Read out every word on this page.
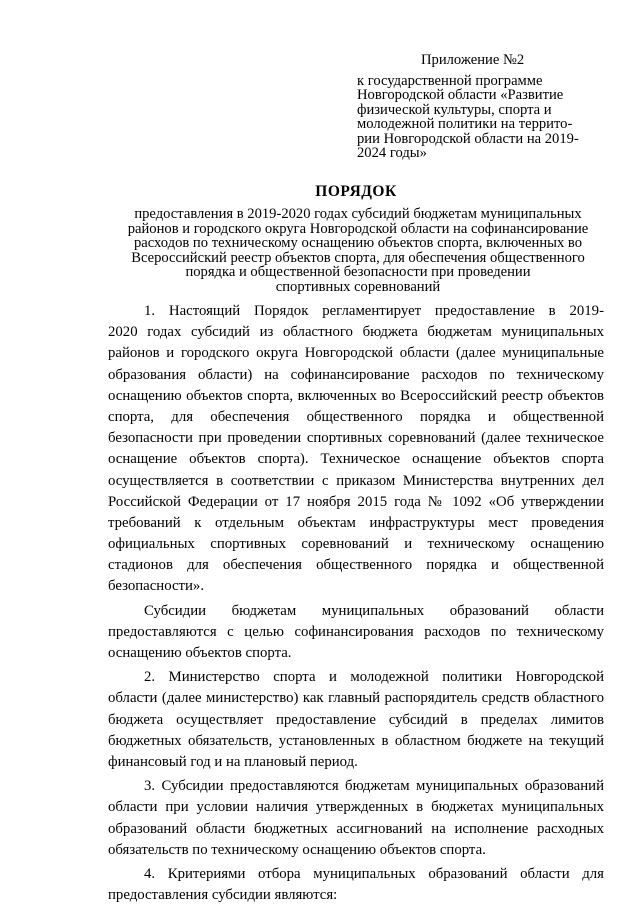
Приложение №2
к государственной программе
Новгородской области «Развитие
физической культуры, спорта и
молодежной политики на террито-
рии Новгородской области на 2019-
2024 годы»
ПОРЯДОК
предоставления в 2019-2020 годах субсидий бюджетам муниципальных
районов и городского округа Новгородской области на софинансирование
расходов по техническому оснащению объектов спорта, включенных во
Всероссийский реестр объектов спорта, для обеспечения общественного
порядка и общественной безопасности при проведении
спортивных соревнований
1. Настоящий Порядок регламентирует предоставление в 2019-
2020 годах субсидий из областного бюджета бюджетам муниципальных
районов и городского округа Новгородской области (далее муниципальные
образования области) на софинансирование расходов по техническому
оснащению объектов спорта, включенных во Всероссийский реестр объектов
спорта, для обеспечения общественного порядка и общественной
безопасности при проведении спортивных соревнований (далее техническое
оснащение объектов спорта). Техническое оснащение объектов спорта
осуществляется в соответствии с приказом Министерства внутренних дел
Российской Федерации от 17 ноября 2015 года № 1092 «Об утверждении
требований к отдельным объектам инфраструктуры мест проведения
официальных спортивных соревнований и техническому оснащению
стадионов для обеспечения общественного порядка и общественной
безопасности».
Субсидии бюджетам муниципальных образований области
предоставляются с целью софинансирования расходов по техническому
оснащению объектов спорта.
2. Министерство спорта и молодежной политики Новгородской
области (далее министерство) как главный распорядитель средств областного
бюджета осуществляет предоставление субсидий в пределах лимитов
бюджетных обязательств, установленных в областном бюджете на текущий
финансовый год и на плановый период.
3. Субсидии предоставляются бюджетам муниципальных образований
области при условии наличия утвержденных в бюджетах муниципальных
образований области бюджетных ассигнований на исполнение расходных
обязательств по техническому оснащению объектов спорта.
4. Критериями отбора муниципальных образований области для
предоставления субсидии являются:
